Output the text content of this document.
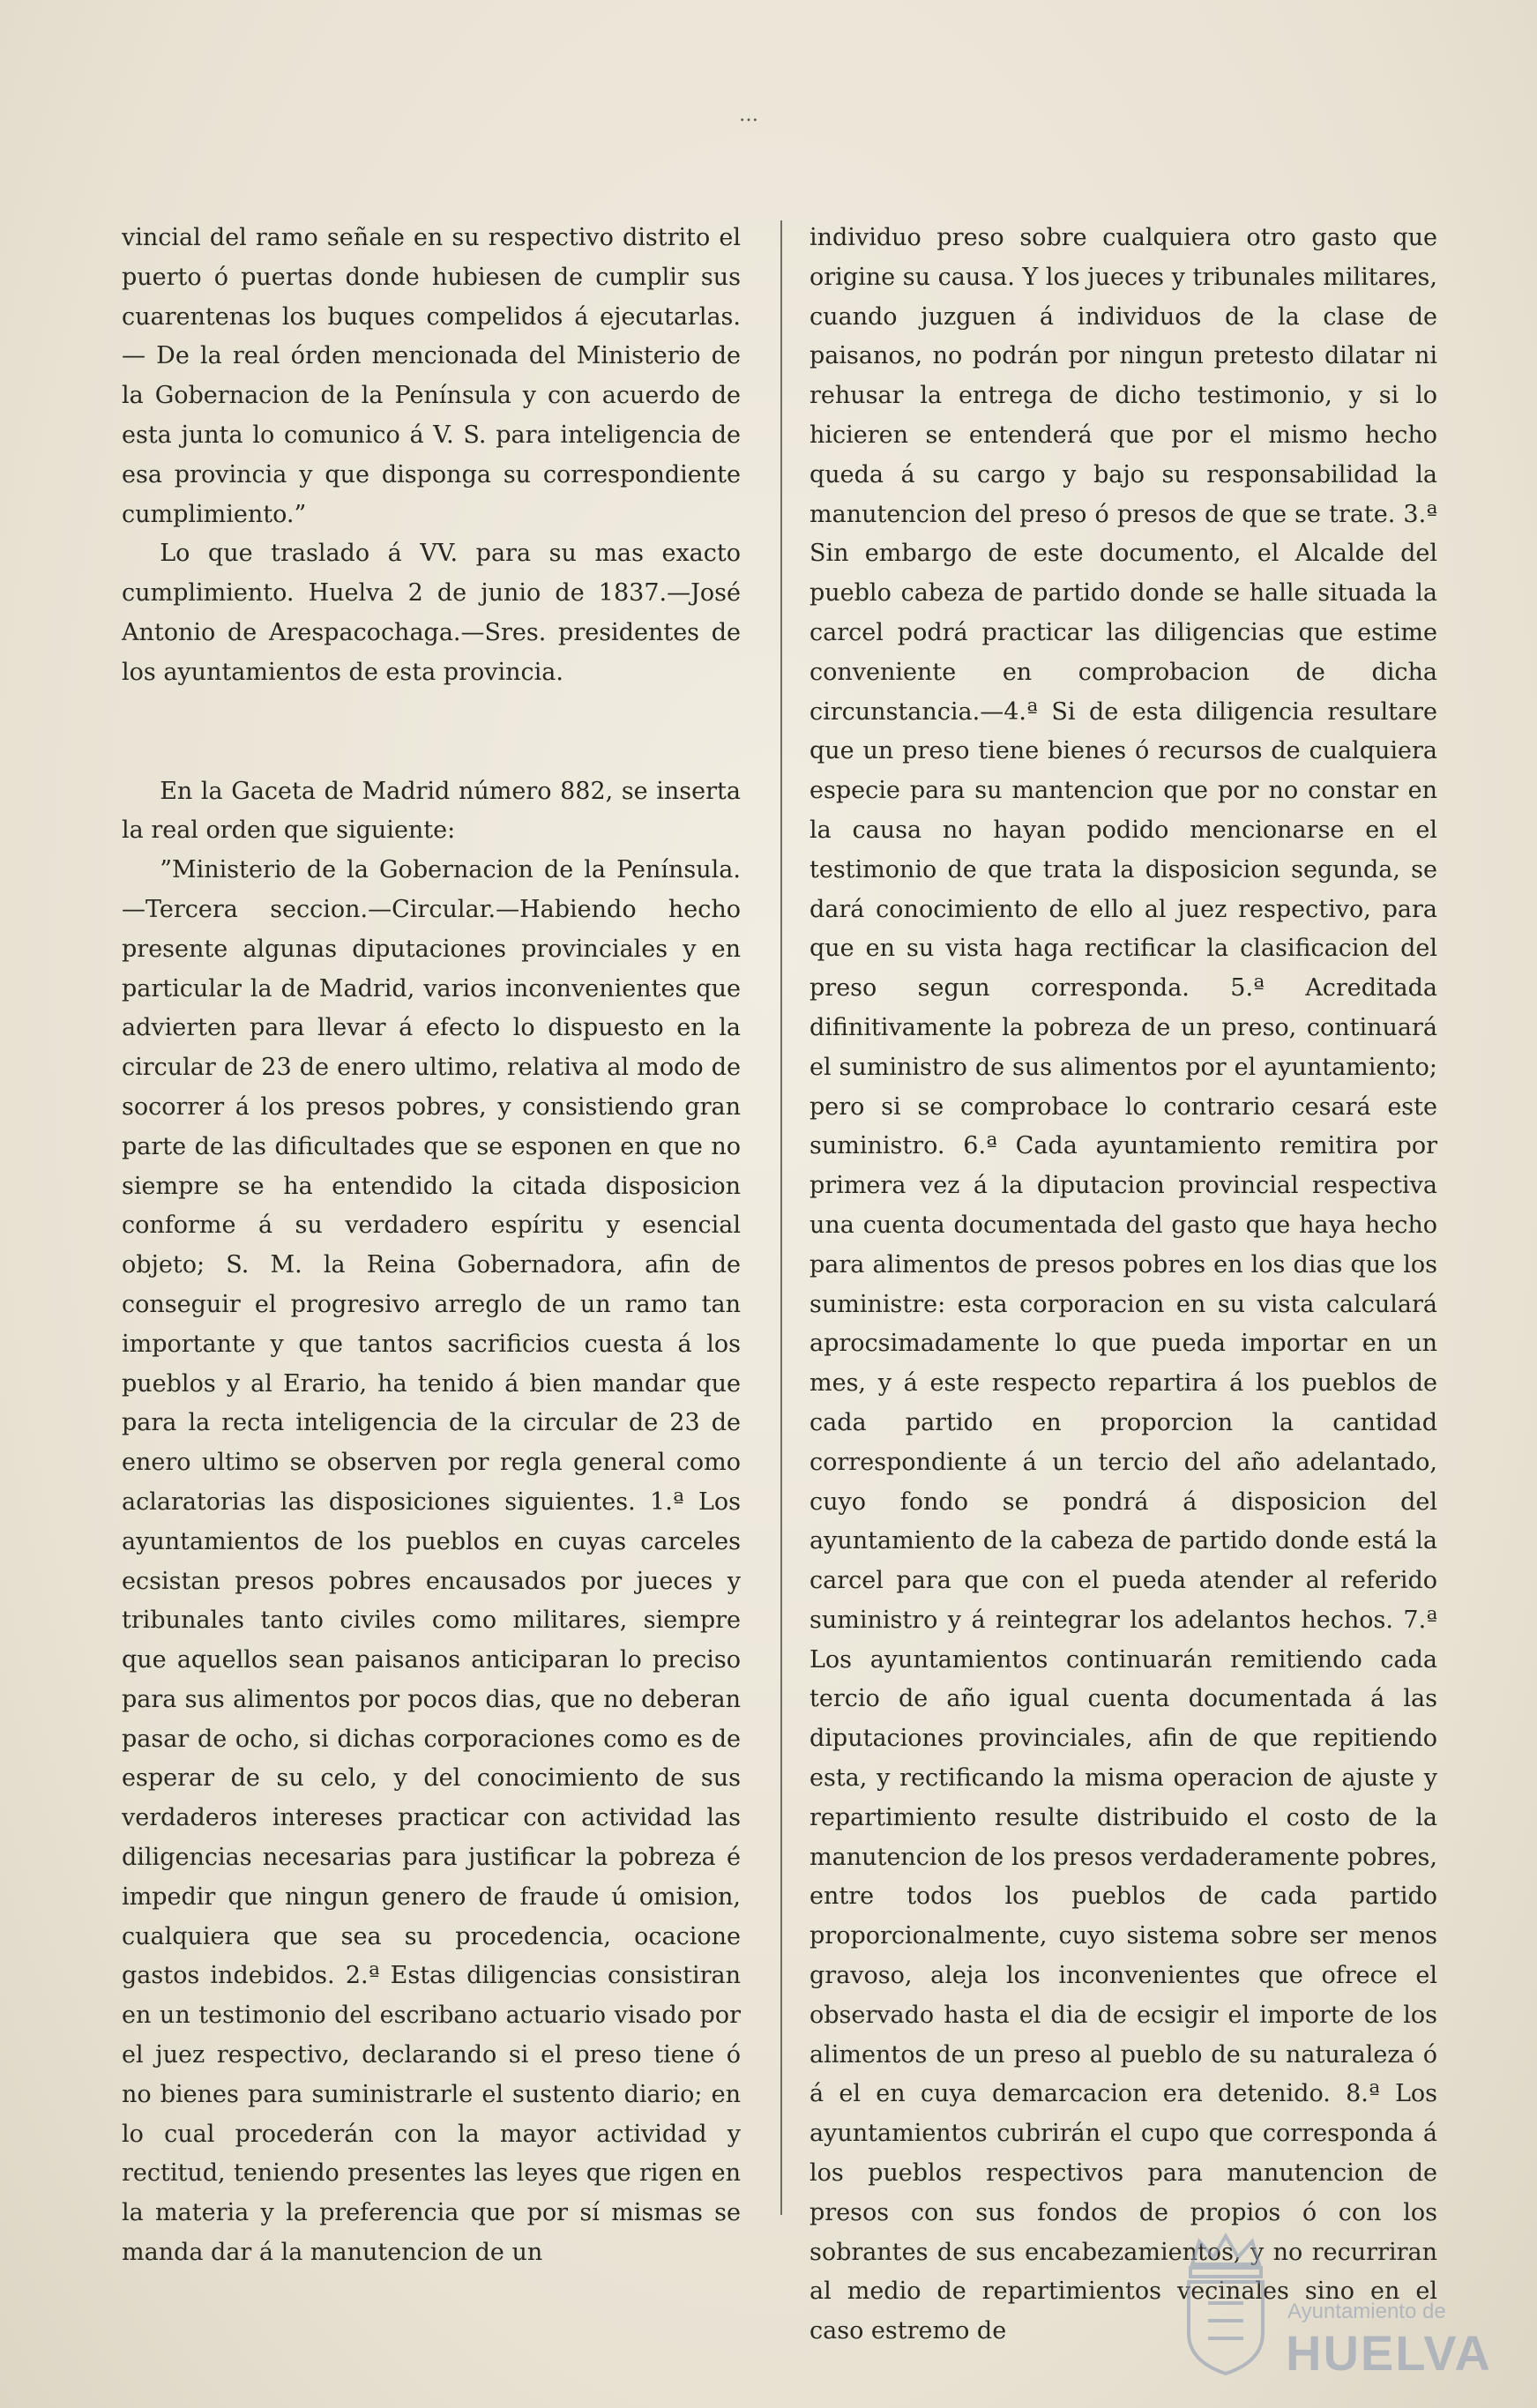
…

vincial del ramo señale en su respectivo distrito el puerto ó puertas donde hubiesen de cumplir sus cuarentenas los buques compelidos á ejecutarlas.— De la real órden mencionada del Ministerio de la Gobernacion de la Península y con acuerdo de esta junta lo comunico á V. S. para inteligencia de esa provincia y que disponga su correspondiente cumplimiento.”

Lo que traslado á VV. para su mas exacto cumplimiento. Huelva 2 de junio de 1837.—José Antonio de Arespacochaga.—Sres. presidentes de los ayuntamientos de esta provincia.

En la Gaceta de Madrid número 882, se inserta la real orden que siguiente:

”Ministerio de la Gobernacion de la Península. —Tercera seccion.—Circular.—Habiendo hecho presente algunas diputaciones provinciales y en particular la de Madrid, varios inconvenientes que advierten para llevar á efecto lo dispuesto en la circular de 23 de enero ultimo, relativa al modo de socorrer á los presos pobres, y consistiendo gran parte de las dificultades que se esponen en que no siempre se ha entendido la citada disposicion conforme á su verdadero espíritu y esencial objeto; S. M. la Reina Gobernadora, afin de conseguir el progresivo arreglo de un ramo tan importante y que tantos sacrificios cuesta á los pueblos y al Erario, ha tenido á bien mandar que para la recta inteligencia de la circular de 23 de enero ultimo se observen por regla general como aclaratorias las disposiciones siguientes. 1.ª Los ayuntamientos de los pueblos en cuyas carceles ecsistan presos pobres encausados por jueces y tribunales tanto civiles como militares, siempre que aquellos sean paisanos anticiparan lo preciso para sus alimentos por pocos dias, que no deberan pasar de ocho, si dichas corporaciones como es de esperar de su celo, y del conocimiento de sus verdaderos intereses practicar con actividad las diligencias necesarias para justificar la pobreza é impedir que ningun genero de fraude ú omision, cualquiera que sea su procedencia, ocacione gastos indebidos. 2.ª Estas diligencias consistiran en un testimonio del escribano actuario visado por el juez respectivo, declarando si el preso tiene ó no bienes para suministrarle el sustento diario; en lo cual procederán con la mayor actividad y rectitud, teniendo presentes las leyes que rigen en la materia y la preferencia que por sí mismas se manda dar á la manutencion de un

individuo preso sobre cualquiera otro gasto que origine su causa. Y los jueces y tribunales militares, cuando juzguen á individuos de la clase de paisanos, no podrán por ningun pretesto dilatar ni rehusar la entrega de dicho testimonio, y si lo hicieren se entenderá que por el mismo hecho queda á su cargo y bajo su responsabilidad la manutencion del preso ó presos de que se trate. 3.ª Sin embargo de este documento, el Alcalde del pueblo cabeza de partido donde se halle situada la carcel podrá practicar las diligencias que estime conveniente en comprobacion de dicha circunstancia.—4.ª Si de esta diligencia resultare que un preso tiene bienes ó recursos de cualquiera especie para su mantencion que por no constar en la causa no hayan podido mencionarse en el testimonio de que trata la disposicion segunda, se dará conocimiento de ello al juez respectivo, para que en su vista haga rectificar la clasificacion del preso segun corresponda. 5.ª Acreditada difinitivamente la pobreza de un preso, continuará el suministro de sus alimentos por el ayuntamiento; pero si se comprobace lo contrario cesará este suministro. 6.ª Cada ayuntamiento remitira por primera vez á la diputacion provincial respectiva una cuenta documentada del gasto que haya hecho para alimentos de presos pobres en los dias que los suministre: esta corporacion en su vista calculará aprocsimadamente lo que pueda importar en un mes, y á este respecto repartira á los pueblos de cada partido en proporcion la cantidad correspondiente á un tercio del año adelantado, cuyo fondo se pondrá á disposicion del ayuntamiento de la cabeza de partido donde está la carcel para que con el pueda atender al referido suministro y á reintegrar los adelantos hechos. 7.ª Los ayuntamientos continuarán remitiendo cada tercio de año igual cuenta documentada á las diputaciones provinciales, afin de que repitiendo esta, y rectificando la misma operacion de ajuste y repartimiento resulte distribuido el costo de la manutencion de los presos verdaderamente pobres, entre todos los pueblos de cada partido proporcionalmente, cuyo sistema sobre ser menos gravoso, aleja los inconvenientes que ofrece el observado hasta el dia de ecsigir el importe de los alimentos de un preso al pueblo de su naturaleza ó á el en cuya demarcacion era detenido. 8.ª Los ayuntamientos cubrirán el cupo que corresponda á los pueblos respectivos para manutencion de presos con sus fondos de propios ó con los sobrantes de sus encabezamientos, y no recurriran al medio de repartimientos vecinales sino en el caso estremo de

Ayuntamiento de
HUELVA
